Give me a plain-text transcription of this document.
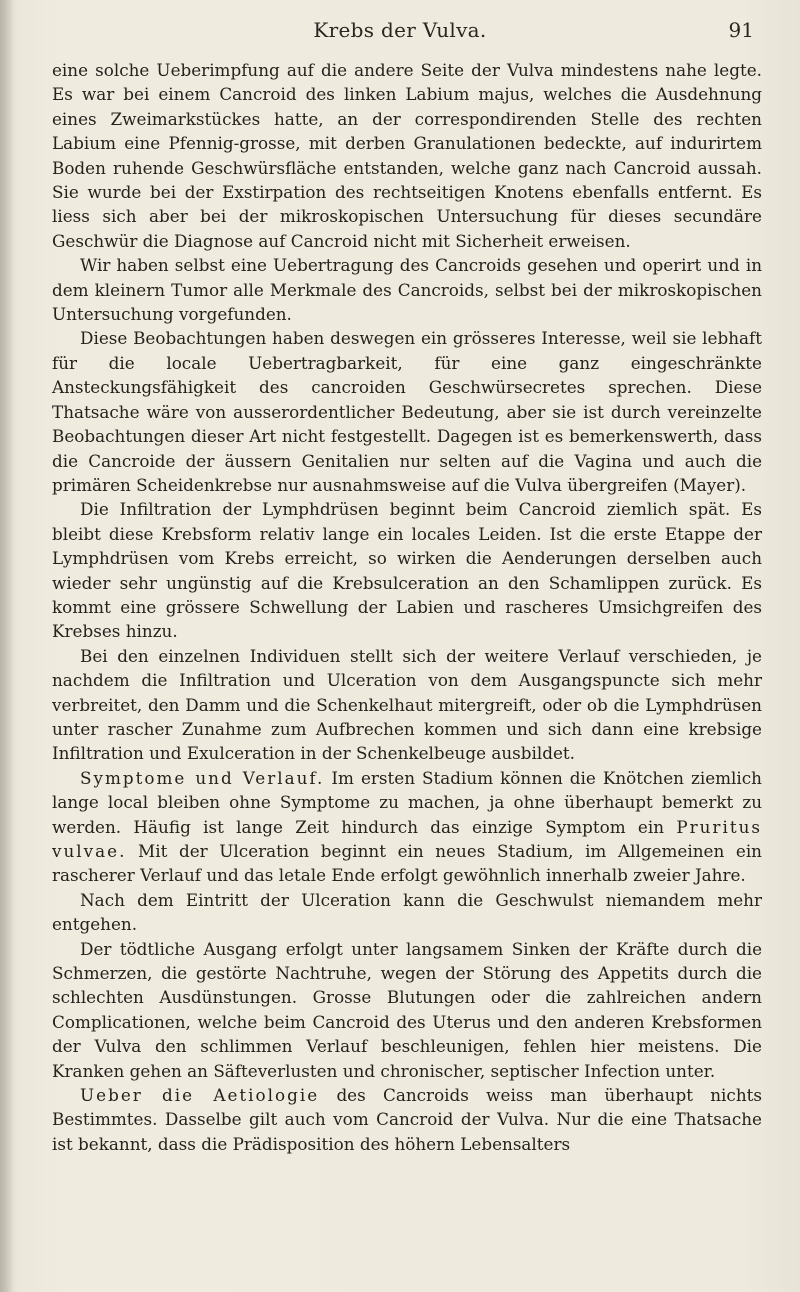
Krebs der Vulva.	91

eine solche Ueberimpfung auf die andere Seite der Vulva mindestens nahe legte. Es war bei einem Cancroid des linken Labium majus, welches die Ausdehnung eines Zweimarkstückes hatte, an der correspondirenden Stelle des rechten Labium eine Pfennig-grosse, mit derben Granulationen bedeckte, auf indurirtem Boden ruhende Geschwürsfläche entstanden, welche ganz nach Cancroid aussah. Sie wurde bei der Exstirpation des rechtseitigen Knotens ebenfalls entfernt. Es liess sich aber bei der mikroskopischen Untersuchung für dieses secundäre Geschwür die Diagnose auf Cancroid nicht mit Sicherheit erweisen.

Wir haben selbst eine Uebertragung des Cancroids gesehen und operirt und in dem kleinern Tumor alle Merkmale des Cancroids, selbst bei der mikroskopischen Untersuchung vorgefunden.

Diese Beobachtungen haben deswegen ein grösseres Interesse, weil sie lebhaft für die locale Uebertragbarkeit, für eine ganz eingeschränkte Ansteckungsfähigkeit des cancroiden Geschwürsecretes sprechen. Diese Thatsache wäre von ausserordentlicher Bedeutung, aber sie ist durch vereinzelte Beobachtungen dieser Art nicht festgestellt. Dagegen ist es bemerkenswerth, dass die Cancroide der äussern Genitalien nur selten auf die Vagina und auch die primären Scheidenkrebse nur ausnahmsweise auf die Vulva übergreifen (Mayer).

Die Infiltration der Lymphdrüsen beginnt beim Cancroid ziemlich spät. Es bleibt diese Krebsform relativ lange ein locales Leiden. Ist die erste Etappe der Lymphdrüsen vom Krebs erreicht, so wirken die Aenderungen derselben auch wieder sehr ungünstig auf die Krebsulceration an den Schamlippen zurück. Es kommt eine grössere Schwellung der Labien und rascheres Umsichgreifen des Krebses hinzu.

Bei den einzelnen Individuen stellt sich der weitere Verlauf verschieden, je nachdem die Infiltration und Ulceration von dem Ausgangspuncte sich mehr verbreitet, den Damm und die Schenkelhaut mitergreift, oder ob die Lymphdrüsen unter rascher Zunahme zum Aufbrechen kommen und sich dann eine krebsige Infiltration und Exulceration in der Schenkelbeuge ausbildet.

Symptome und Verlauf. Im ersten Stadium können die Knötchen ziemlich lange local bleiben ohne Symptome zu machen, ja ohne überhaupt bemerkt zu werden. Häufig ist lange Zeit hindurch das einzige Symptom ein Pruritus vulvae. Mit der Ulceration beginnt ein neues Stadium, im Allgemeinen ein rascherer Verlauf und das letale Ende erfolgt gewöhnlich innerhalb zweier Jahre.

Nach dem Eintritt der Ulceration kann die Geschwulst niemandem mehr entgehen.

Der tödtliche Ausgang erfolgt unter langsamem Sinken der Kräfte durch die Schmerzen, die gestörte Nachtruhe, wegen der Störung des Appetits durch die schlechten Ausdünstungen. Grosse Blutungen oder die zahlreichen andern Complicationen, welche beim Cancroid des Uterus und den anderen Krebsformen der Vulva den schlimmen Verlauf beschleunigen, fehlen hier meistens. Die Kranken gehen an Säfteverlusten und chronischer, septischer Infection unter.

Ueber die Aetiologie des Cancroids weiss man überhaupt nichts Bestimmtes. Dasselbe gilt auch vom Cancroid der Vulva. Nur die eine Thatsache ist bekannt, dass die Prädisposition des höhern Lebensalters
